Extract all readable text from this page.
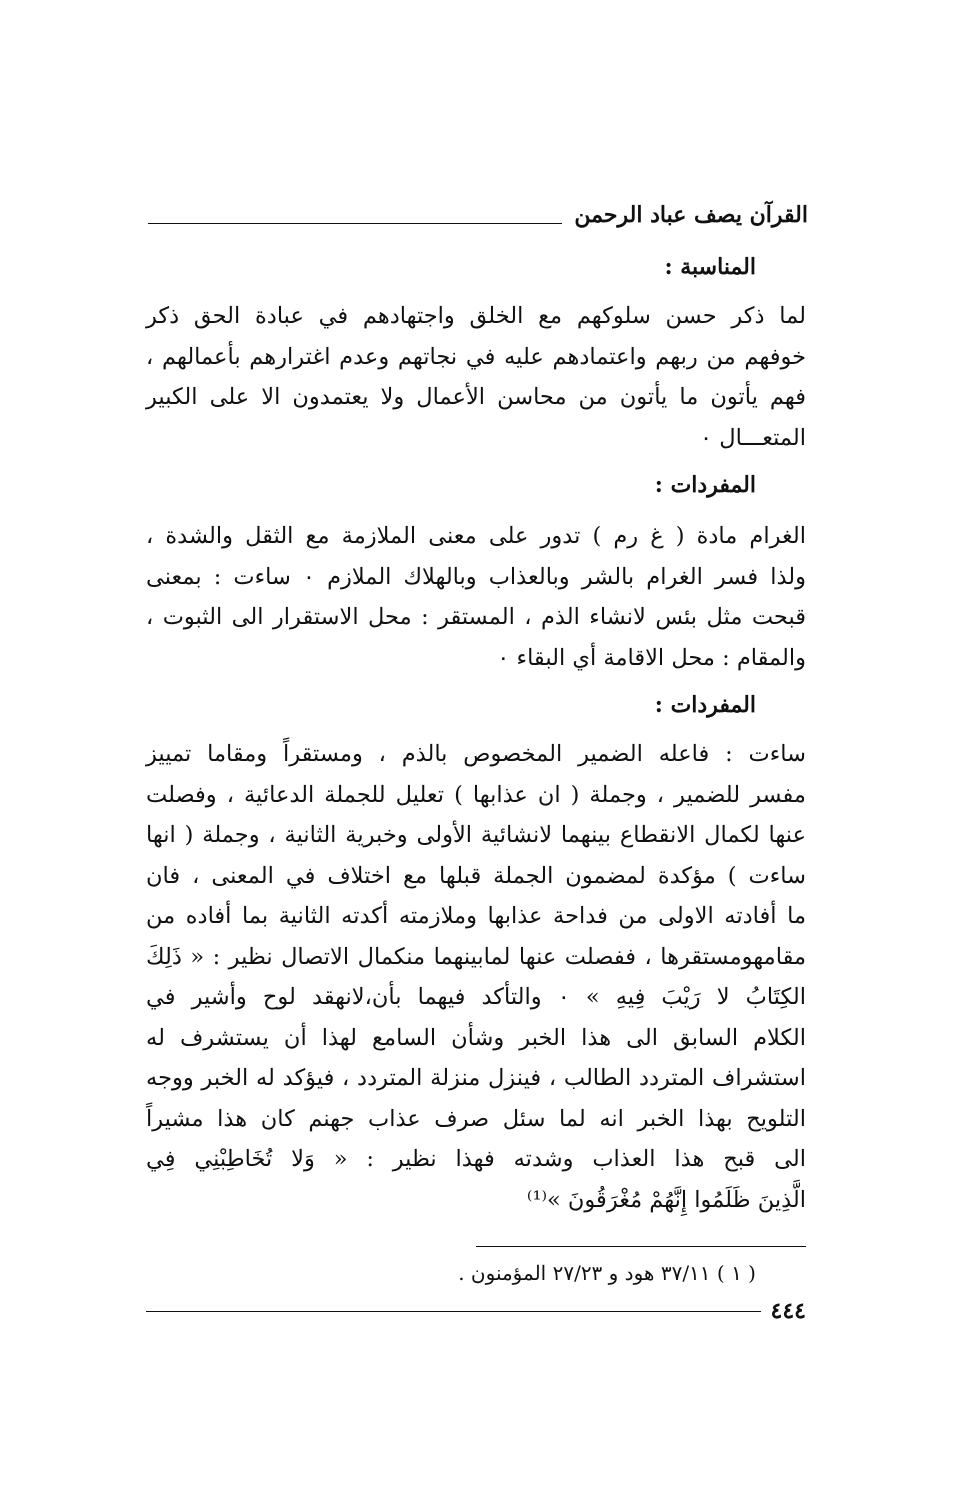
القرآن يصف عباد الرحمن
المناسبة :
لما ذكر حسن سلوكهم مع الخلق واجتهادهم في عبادة الحق ذكر
خوفهم من ربهم واعتمادهم عليه في نجاتهم وعدم اغترارهم بأعمالهم ،
فهم يأتون ما يأتون من محاسن الأعمال ولا يعتمدون الا على الكبير
المتعـــال ٠
المفردات :
الغرام مادة ( غ رم ) تدور على معنى الملازمة مع الثقل والشدة ،
ولذا فسر الغرام بالشر وبالعذاب وبالهلاك الملازم ٠ ساءت : بمعنى
قبحت مثل بئس لانشاء الذم ، المستقر : محل الاستقرار الى الثبوت ،
والمقام : محل الاقامة أي البقاء ٠
المفردات :
ساءت : فاعله الضمير المخصوص بالذم ، ومستقراً ومقاما تمييز
مفسر للضمير ، وجملة ( ان عذابها ) تعليل للجملة الدعائية ، وفصلت
عنها لكمال الانقطاع بينهما لانشائية الأولى وخبرية الثانية ، وجملة ( انها
ساءت ) مؤكدة لمضمون الجملة قبلها مع اختلاف في المعنى ، فان
ما أفادته الاولى من فداحة عذابها وملازمته أكدته الثانية بما أفاده من
مقامهومستقرها ، ففصلت عنها لمابينهما منكمال الاتصال نظير : « ذَلِكَ
الكِتَابُ لا رَيْبَ فِيهِ » ٠ والتأكد فيهما بأن،لانهقد لوح وأشير في
الكلام السابق الى هذا الخبر وشأن السامع لهذا أن يستشرف له
استشراف المتردد الطالب ، فينزل منزلة المتردد ، فيؤكد له الخبر ووجه
التلويح بهذا الخبر انه لما سئل صرف عذاب جهنم كان هذا مشيراً
الى قبح هذا العذاب وشدته فهذا نظير : « وَلا تُخَاطِبْنِي فِي
الَّذِينَ ظَلَمُوا إِنَّهُمْ مُغْرَقُونَ »⁽¹⁾
( ١ ) ٣٧/١١ هود و ٢٧/٢٣ المؤمنون .
٤٤٤
